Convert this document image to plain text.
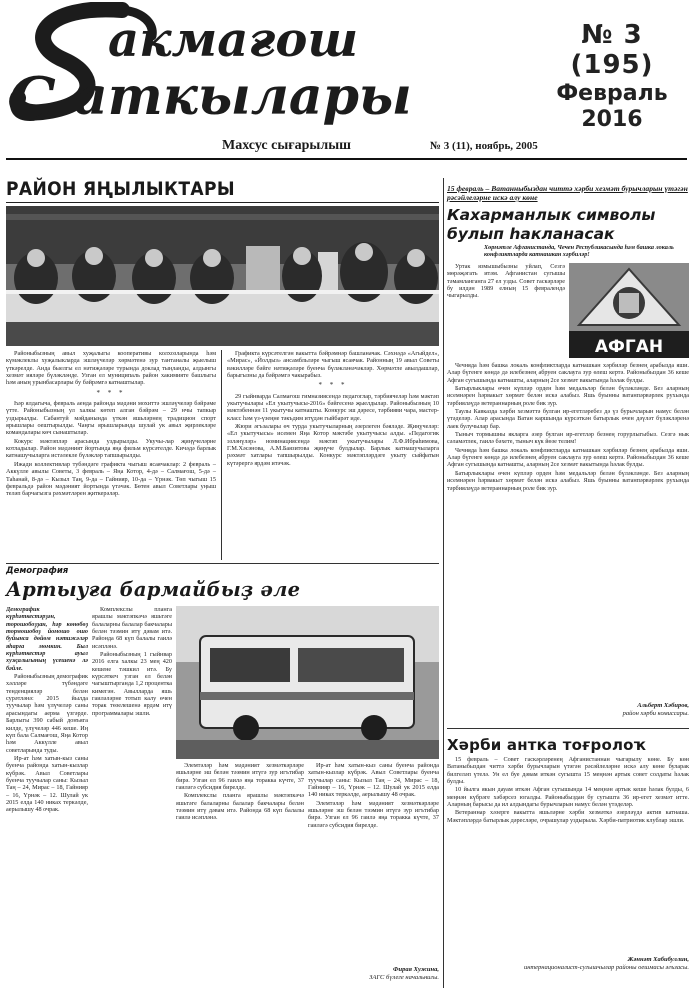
акмағош
аткылары
С
№ 3 (195)
Февраль
2016
Махсус сығарылыш	№ 3 (11), ноябрь, 2005
РАЙОН ЯҢЫЛЫКТАРЫ

Районыбызның авыл хуҗалыгы кооперативы колхозларында һәм күмәклеклы хуҗалыкларда эшләүчеләр хөрмәтенә зур тантаналы җыелыш үткәрелде. Анда быелгы ел нәтиҗәләре турында доклад тыңланды, алдынгы хезмәт ияләре бүләкләнде. Узган ел муниципаль район хакимияте башлыгы һәм аның урынбасарлары бу бәйрәмгә катнаштылар.

* * *

Һәр ялдагыча, февраль аенда районда мәдәни мохиттә эшләүчеләр бәйрәме үтте. Районыбызның ул халкы көтеп алган бәйрәм – 29 нчы тапкыр уздырылды. Сабантуй мәйданында үткән яшьләрнең традицион спорт ярышлары оештырылды. Чаңгы ярышларында шулай ук авыл җирлекләре командалары көч сынаштылар.

Кокурс мәктәпләр арасында уздырылды. Укучы-лар җиңүчеләрне котладылар. Район мәдәният йортында яңа фильм күрсәтелде. Кичәдә барлык катнашучыларга истәлекле бүләкләр тапшырылды.

Ижади коллективлар тубәндәге графикта чыгыш ясаячаклар: 2 февраль – Аккүлле авылы Советы, 3 февраль – Яңа Котор, 4-дә – Салмағош, 5-дә – Таһанай, 8-дә – Кызыл Таң, 9-да – Гайнияр, 10-да – Үрнәк. Төп чыгыш 15 февральдә район мәдәният йортында үтәчәк. Бөтен авыл Советлары уңыш теләп барчагызга рәхмәтләрен җиткерәләр.

Графикта күрсәтелгән вакытта бәйрәмнәр башланачак. Сәхнәдә «Агыйдел», «Мирас», «Йолдыз» ансамбльләре чыгыш ясаячак. Районның 19 авыл Советы вәкилләре бәйге нәтиҗәләре буенча бүләкләнәчәкләр. Хөрмәтле авылдашлар, барыгызны да бәйрәмгә чакырабыз.

* * *

29 гыйнварда Салмағош гимназиясендә педагоглар, тәрбиячеләр һәм мәктәп укытучылары «Ел укытучысы-2016» бәйгесенә җыелдылар. Районыбызның 10 мәктәбеннән 11 укытучы катнашты. Конкурс эш дәресе, тәрбияви чара, мастер-класс һәм үз-үзеңне тәкъдим итүдән гыйбарәт иде.

Жюри әгъзалары өч турда укытучыларның әзерлеген бәяләде. Җиңүчеләр: «Ел укытучысы» исемен Яңа Котор мәктәбе укытучысы алды. «Педагогик эзләнүләр» номинациясендә мәктәп укытучылары Л.Ф.Ибраһимова, Г.М.Хәсәнова, А.М.Баязитова җиңүче булдылар. Барлык катнашучыларга рәхмәт хатлары тапшырылды. Конкурс мәктәпләрдәге укыту сыйфатын күтәрергә ярдәм итәчәк.

Демография
Артыуға бармайбыҙ әле

Демографик күрһәткестәрҙән, торошобоҙҙан, һәр көнөбөҙ тормошобоҙ йомошо ошо буйынса дөйөм нәтижәләр яһарға мөмкин. Был күрһәткестәр ауыл хуҗалыгының үсешенә лә бәйле.

Районыбызның демографик хәлләре түбәндәге тенденцияләр белән сурәтләнә: 2015 йылда туучылар һәм үлүчеләр саны арасындагы аерма үзгәрде. Барлыгы 390 сабый донъяга килде, үлүчеләр 446 кеше. Иң күп бала Салмағош, Яңа Котор һәм Аккүлле авыл советларында туды.

Ир-ат һәм хатын-кыз саны буенча районда хатын-кызлар күбрәк. Авыл Советлары буенча туучылар саны: Кызыл Таң – 24, Мирас – 18, Гайнияр – 16, Үрнәк – 12. Шулай ук 2015 елда 140 никах теркәлде, аерылышу 48 очрак.

Комплекслы планга ярашлы мәктәпкәчә яшьтәге балаларны балалар бакчалары белән тәэмин итү дәвам итә. Районда 68 күп балалы гаилә исәпләнә.

Районыбызның 1 гыйнвар 2016 елга халкы 23 мең 420 кешене тәшкил итә. Бу күрсәткеч узган ел белән чагыштырганда 1,2 процентка кимегән. Авылларда яшь гаиләләрне тотып калу өчен торак төзелешенә ярдәм итү программалары эшли.

Элемтәләр һәм мәдәният хезмәткәрләре яшьләрне эш белән тәэмин итүгә зур игътибар бирә. Узган ел 96 гаилә яңа торакка күчте, 37 гаиләгә субсидия бирелде.

Комплекслы планга ярашлы мәктәпкәчә яшьтәге балаларны балалар бакчалары белән тәэмин итү дәвам итә. Районда 68 күп балалы гаилә исәпләнә.

Ир-ат һәм хатын-кыз саны буенча районда хатын-кызлар күбрәк. Авыл Советлары буенча туучылар саны: Кызыл Таң – 24, Мирас – 18, Гайнияр – 16, Үрнәк – 12. Шулай ук 2015 елда 140 никах теркәлде, аерылышу 48 очрак.

Элемтәләр һәм мәдәният хезмәткәрләре яшьләрне эш белән тәэмин итүгә зур игътибар бирә. Узган ел 96 гаилә яңа торакка күчте, 37 гаиләгә субсидия бирелде.

Фирая Хужина,
ЗАГС бүлеге начальнигы.
15 февраль – Ватанныбыздан читтә хәрби хезмәт бурычларын үтәгән рәсәйлеләрне искә алу көне
Кахарманлык символы булып һакланасак
Хөрмәтле Афганистанда, Чечен Республикасында һәм башка локаль конфликтларда катнашкан хәрбиләр!

Уртак язмышыбызны уйлап, Сезгә мөрәҗәгать итәм. Афганистан сугышы тәмамланганга 27 ел узды. Совет гаскәрләре бу илдән 1989 елның 15 февралендә чыгарылды.

АФГАН

Чечняда һәм башка локаль конфликтларда катнашкан хәрбиләр безнең арабызда яши. Алар бүгенге көндә дә илебезнең абруен саклауга зур өлеш кертә. Районыбыздан 36 кеше Афган сугышында катнашты, аларның 2се хезмәт вакытында һәлак булды.

Батырлыклары өчен күпләр орден һәм медальләр белән бүләкләнде. Без аларның исемнәрен һәрвакыт хөрмәт белән искә алабыз. Яшь буынны ватанпәрвәрлек рухында тәрбияләүдә ветераннарның роле бик зур.

Таулы Кавказда хәрби хезмәттә булган ир-егетләребез дә үз бурычларын намус белән үтәделәр. Алар арасында Ватан каршында күрсәткән батырлык өчен дәүләт бүләкләренә лаек булучылар бар.

Тыныч тормышны якларга әзер булган ир-егетләр безнең горурлыгыбыз. Сезгә нык сәламәтлек, гаилә бәхете, тыныч күк йөзе телим!

Чечняда һәм башка локаль конфликтларда катнашкан хәрбиләр безнең арабызда яши. Алар бүгенге көндә дә илебезнең абруен саклауга зур өлеш кертә. Районыбыздан 36 кеше Афган сугышында катнашты, аларның 2се хезмәт вакытында һәлак булды.

Батырлыклары өчен күпләр орден һәм медальләр белән бүләкләнде. Без аларның исемнәрен һәрвакыт хөрмәт белән искә алабыз. Яшь буынны ватанпәрвәрлек рухында тәрбияләүдә ветераннарның роле бик зур.

Альберт Хәбиров,
район хәрби комиссары.
Хәрби антка тоғролоҡ

15 февраль – Совет гаскәрләренең Афганистаннан чыгарылу көне. Бу көн Ватаныбыздан читтә хәрби бурычларын үтәгән рәсәйлеләрне искә алу көне буларак билгеләп үтелә. Ун ел буе дәвам иткән сугышта 15 меңнән артык совет солдаты һәлак булды.

10 йылга якын дауам иткән Афган сугышында 14 меңнән артык кеше һәлак булды, 6 меңнән күбрәге хәбәрсез югалды. Районыбыздан бу сугышта 36 ир-егет хезмәт итте. Аларның барысы да ил алдындагы бурычларын намус белән үтәделәр.

Ветераннар хәзерге вакытта яшьләрне хәрби хезмәткә әзерләүдә актив катнаша. Мәктәпләрдә батырлык дәресләре, очрашулар уздырыла. Хәрби-патриотик клублар эшли.

Жәннәт Хабибуллин,
интернационалист-сугышчылар районы оешмасы әгъзасы.
